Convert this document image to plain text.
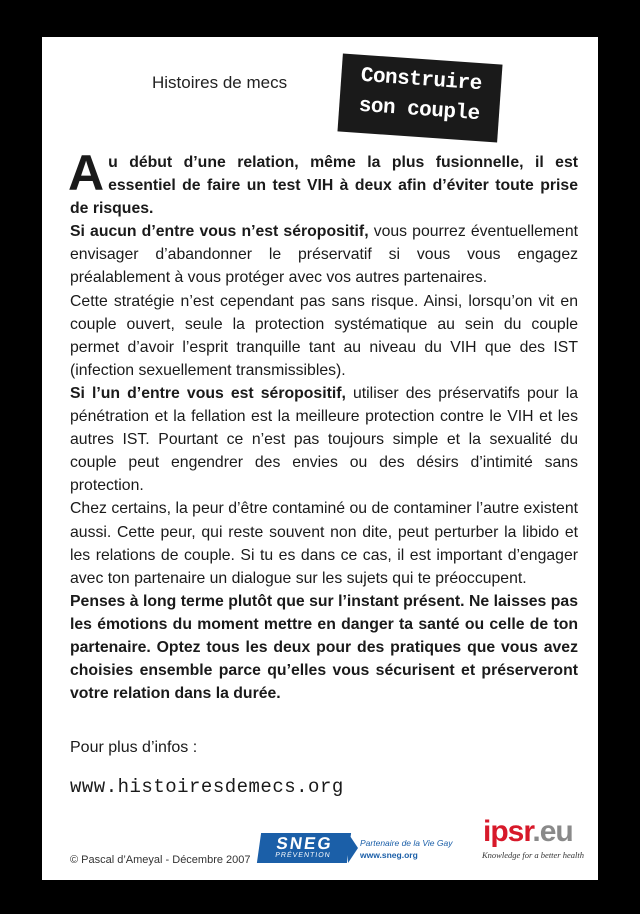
Histoires de mecs	Construire
son couple

Au début d’une relation, même la plus fusionnelle, il est essentiel de faire un test VIH à deux afin d’éviter toute prise de risques.

Si aucun d’entre vous n’est séropositif, vous pourrez éventuellement envisager d’abandonner le préservatif si vous vous engagez préalablement à vous protéger avec vos autres partenaires.

Cette stratégie n’est cependant pas sans risque. Ainsi, lorsqu’on vit en couple ouvert, seule la protection systématique au sein du couple permet d’avoir l’esprit tranquille tant au niveau du VIH que des IST (infection sexuellement transmissibles).

Si l’un d’entre vous est séropositif, utiliser des préservatifs pour la pénétration et la fellation est la meilleure protection contre le VIH et les autres IST. Pourtant ce n’est pas toujours simple et la sexualité du couple peut engendrer des envies ou des désirs d’intimité sans protection.

Chez certains, la peur d’être contaminé ou de contaminer l’autre existent aussi. Cette peur, qui reste souvent non dite, peut perturber la libido et les relations de couple. Si tu es dans ce cas, il est important d’engager avec ton partenaire un dialogue sur les sujets qui te préoccupent.

Penses à long terme plutôt que sur l’instant présent. Ne laisses pas les émotions du moment mettre en danger ta santé ou celle de ton partenaire. Optez tous les deux pour des pratiques que vous avez choisies ensemble parce qu’elles vous sécurisent et préserveront votre relation dans la durée.

Pour plus d’infos :
www.histoiresdemecs.org
© Pascal d’Ameyal - Décembre 2007
SNEG
PRÉVENTION
Partenaire de la Vie Gay
www.sneg.org
ipsr.eu
Knowledge for a better health
